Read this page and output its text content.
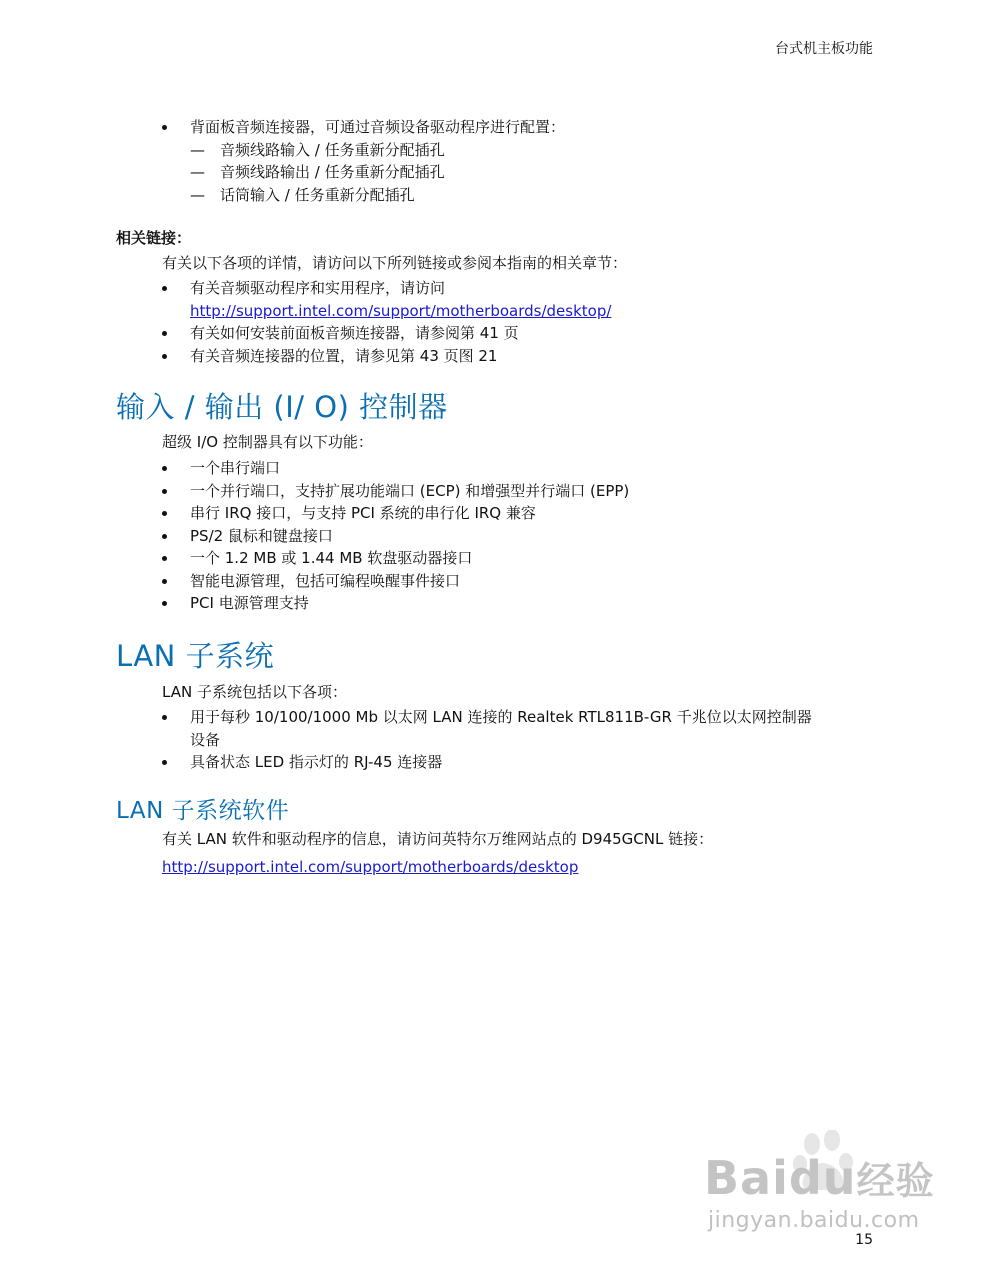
台式机主板功能
背面板音频连接器，可通过音频设备驱动程序进行配置：
— 音频线路输入 / 任务重新分配插孔
— 音频线路输出 / 任务重新分配插孔
— 话筒输入 / 任务重新分配插孔
相关链接：
有关以下各项的详情，请访问以下所列链接或参阅本指南的相关章节：
有关音频驱动程序和实用程序，请访问
http://support.intel.com/support/motherboards/desktop/
有关如何安装前面板音频连接器，请参阅第 41 页
有关音频连接器的位置，请参见第 43 页图 21
输入 / 输出 (I/ O) 控制器
超级 I/O 控制器具有以下功能：
一个串行端口
一个并行端口，支持扩展功能端口 (ECP) 和增强型并行端口 (EPP)
串行 IRQ 接口，与支持 PCI 系统的串行化 IRQ 兼容
PS/2 鼠标和键盘接口
一个 1.2 MB 或 1.44 MB 软盘驱动器接口
智能电源管理，包括可编程唤醒事件接口
PCI 电源管理支持
LAN 子系统
LAN 子系统包括以下各项：
用于每秒 10/100/1000 Mb 以太网 LAN 连接的 Realtek RTL811B-GR 千兆位以太网控制器
设备
具备状态 LED 指示灯的 RJ-45 连接器
LAN 子系统软件
有关 LAN 软件和驱动程序的信息，请访问英特尔万维网站点的 D945GCNL 链接：
http://support.intel.com/support/motherboards/desktop
Baidu经验
jingyan.baidu.com
15
